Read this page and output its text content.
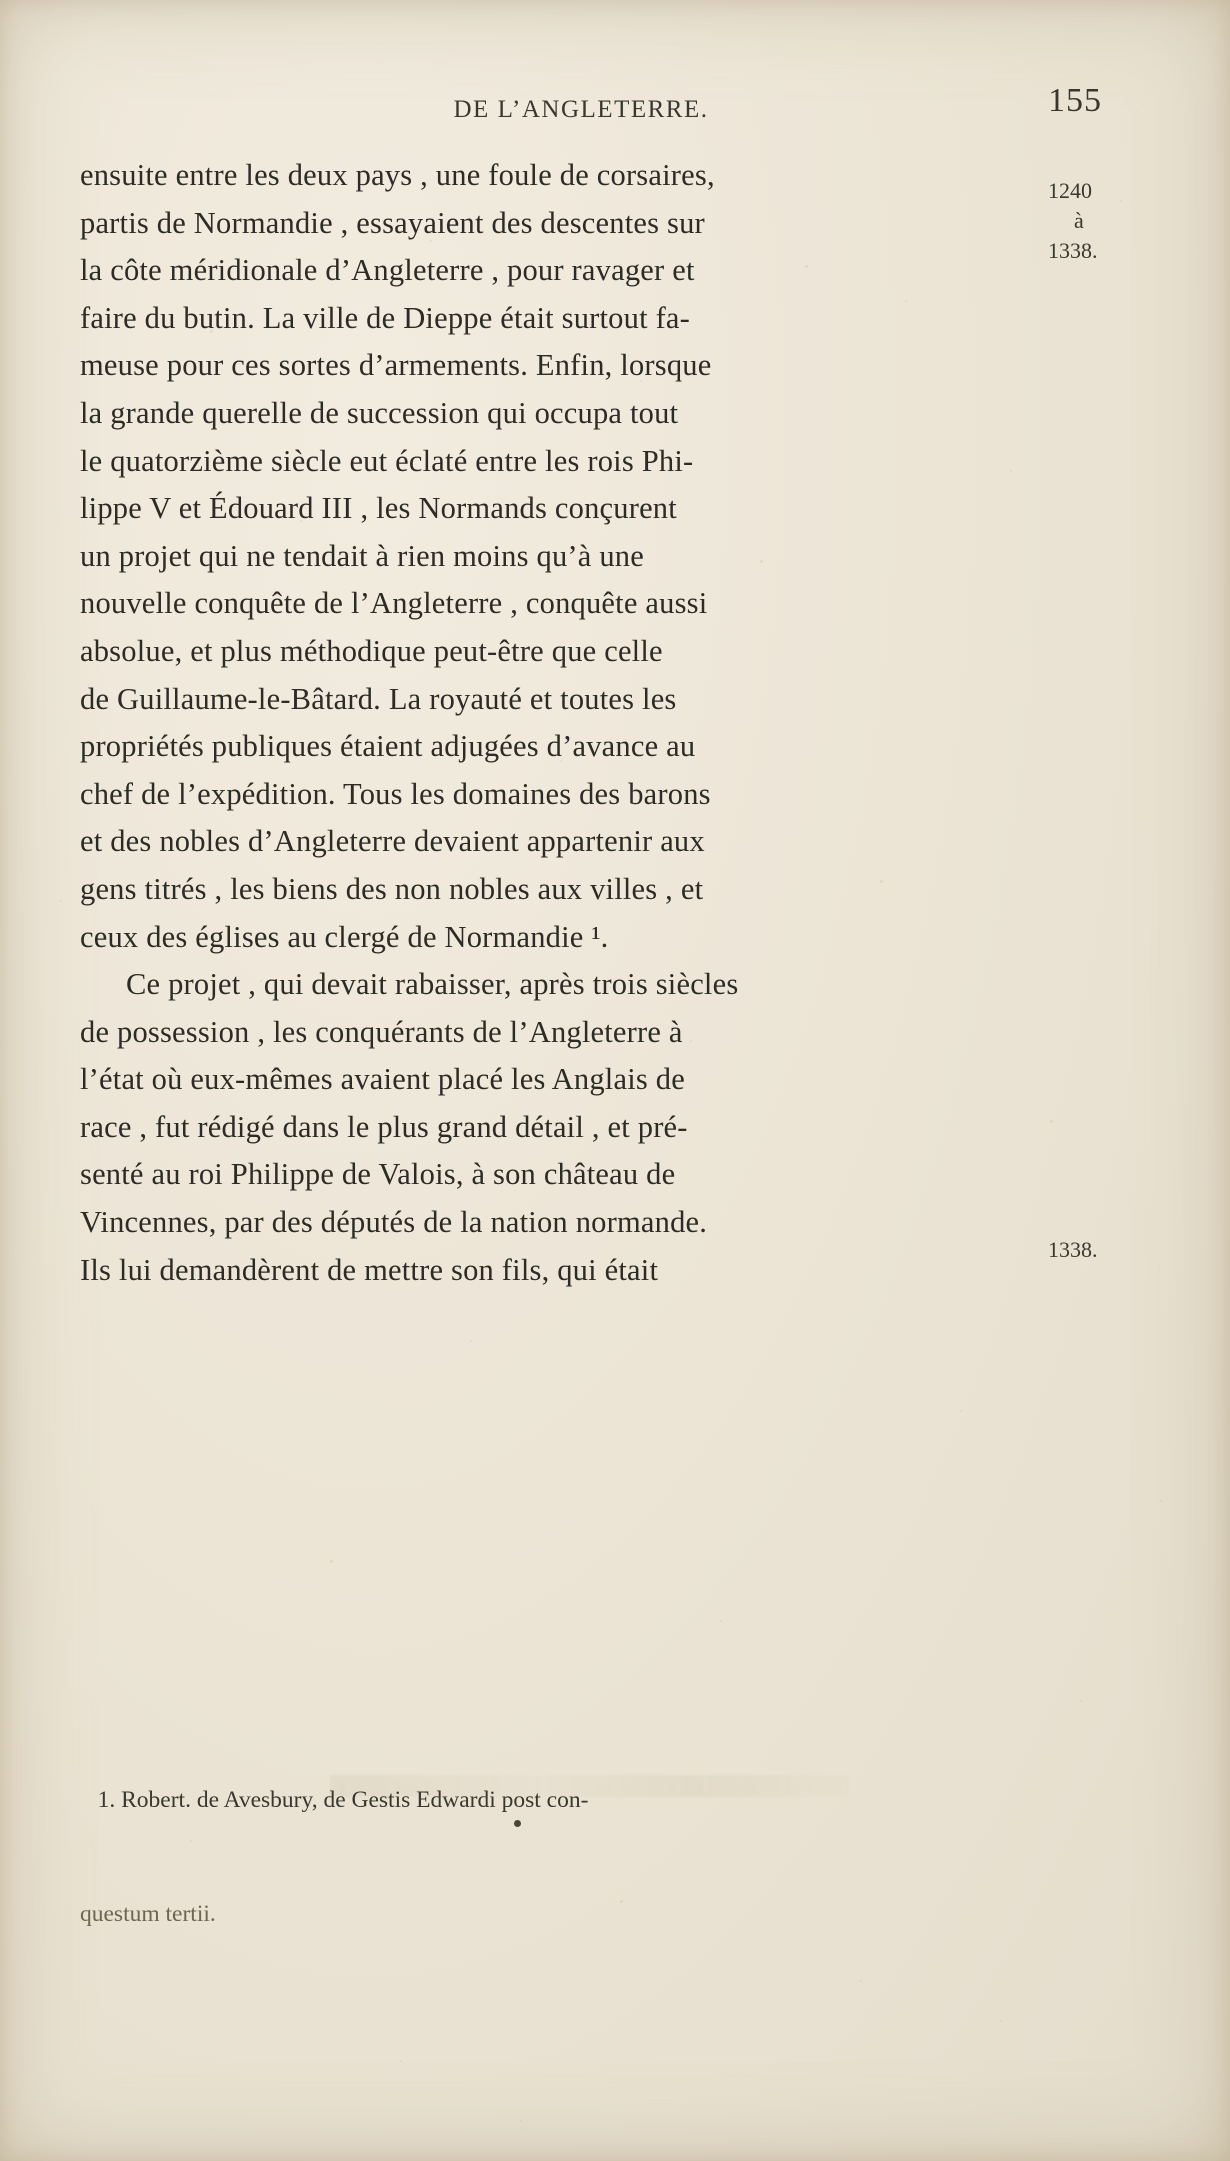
DE L’ANGLETERRE.	155
1240
à
1338.
1338.
ensuite entre les deux pays , une foule de corsaires,
partis de Normandie , essayaient des descentes sur
la côte méridionale d’Angleterre , pour ravager et
faire du butin. La ville de Dieppe était surtout fa-
meuse pour ces sortes d’armements. Enfin, lorsque
la grande querelle de succession qui occupa tout
le quatorzième siècle eut éclaté entre les rois Phi-
lippe V et Édouard III , les Normands conçurent
un projet qui ne tendait à rien moins qu’à une
nouvelle conquête de l’Angleterre , conquête aussi
absolue, et plus méthodique peut-être que celle
de Guillaume-le-Bâtard. La royauté et toutes les
propriétés publiques étaient adjugées d’avance au
chef de l’expédition. Tous les domaines des barons
et des nobles d’Angleterre devaient appartenir aux
gens titrés , les biens des non nobles aux villes , et
ceux des églises au clergé de Normandie ¹.
Ce projet , qui devait rabaisser, après trois siècles
de possession , les conquérants de l’Angleterre à
l’état où eux-mêmes avaient placé les Anglais de
race , fut rédigé dans le plus grand détail , et pré-
senté au roi Philippe de Valois, à son château de
Vincennes, par des députés de la nation normande.
Ils lui demandèrent de mettre son fils, qui était

1. Robert. de Avesbury, de Gestis Edwardi post con-

questum tertii.
